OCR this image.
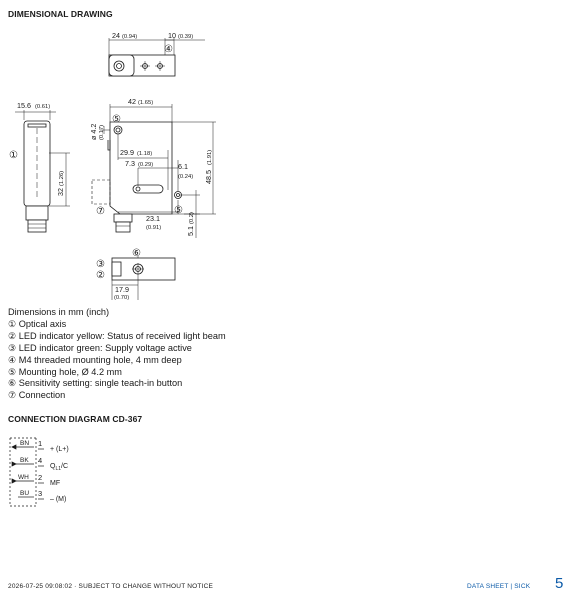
DIMENSIONAL DRAWING
24 (0.94)	10 (0.39)
15.6 (0.61)
42 (1.65)
29.9 (1.18)
7.3 (0.29)	6.1
(0.24)
23.1
(0.91)
17.9
(0.70)
ø 4.2 (0.17)
48.5
(1.91)
32
(1.26)
5.1
(0.2)
①
④
⑤
⑤
⑦
⑥
③
②
Dimensions in mm (inch)
① Optical axis
② LED indicator yellow: Status of received light beam
③ LED indicator green: Supply voltage active
④ M4 threaded mounting hole, 4 mm deep
⑤ Mounting hole, Ø 4.2 mm
⑥ Sensitivity setting: single teach-in button
⑦ Connection
CONNECTION DIAGRAM CD-367
BN
BK
WH
BU
1
4
2
3
+ (L+)
$Q_{L1}/C$
MF
– (M)
2026-07-25 09:08:02 · SUBJECT TO CHANGE WITHOUT NOTICE	DATA SHEET | SICK 5
